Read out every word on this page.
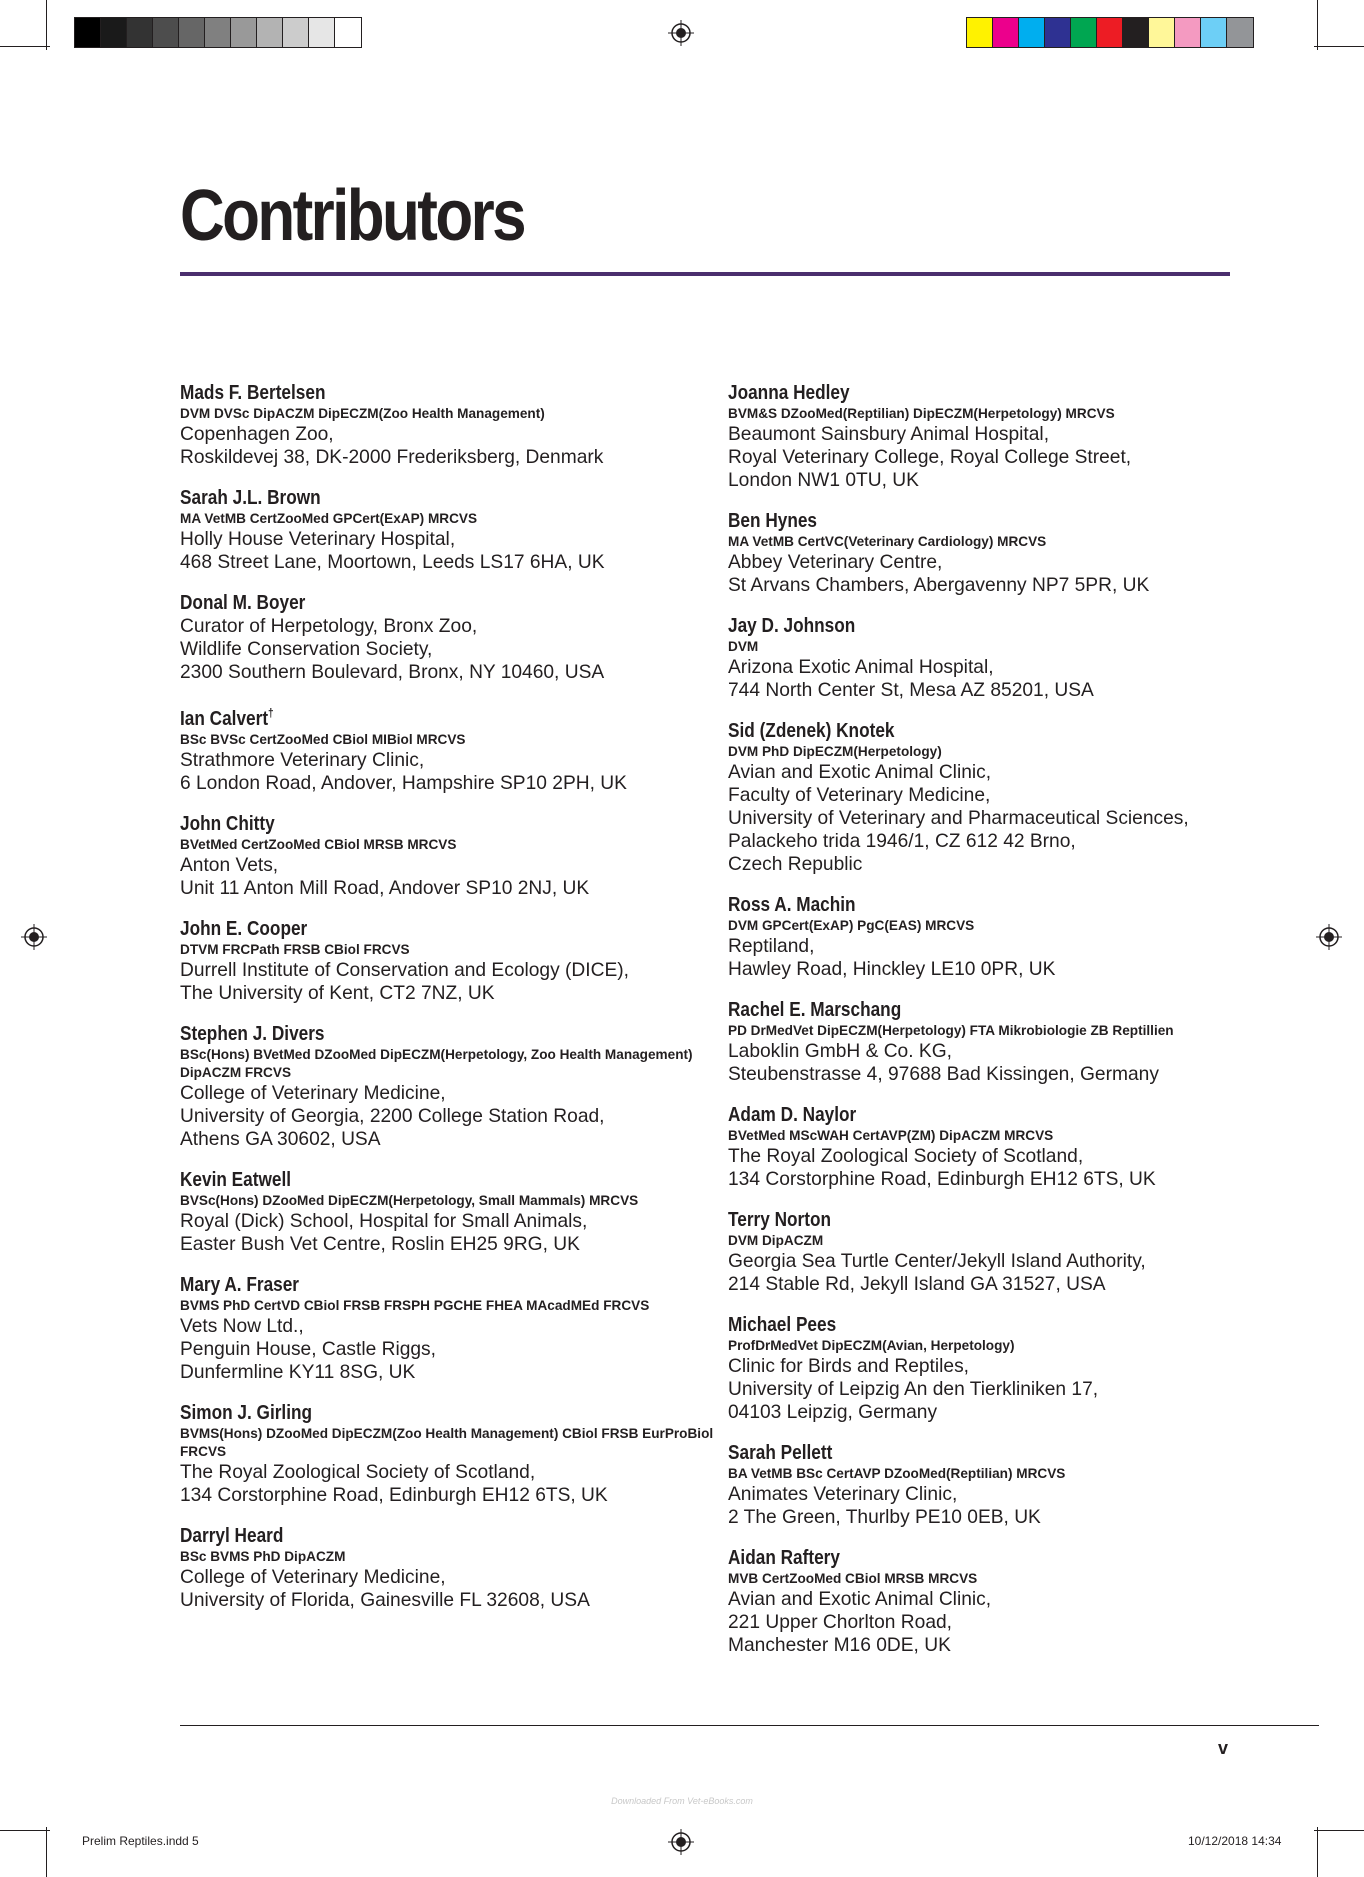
Contributors
Mads F. Bertelsen
DVM DVSc DipACZM DipECZM(Zoo Health Management)
Copenhagen Zoo,
Roskildevej 38, DK-2000 Frederiksberg, Denmark
Sarah J.L. Brown
MA VetMB CertZooMed GPCert(ExAP) MRCVS
Holly House Veterinary Hospital,
468 Street Lane, Moortown, Leeds LS17 6HA, UK
Donal M. Boyer
Curator of Herpetology, Bronx Zoo,
Wildlife Conservation Society,
2300 Southern Boulevard, Bronx, NY 10460, USA
Ian Calvert†
BSc BVSc CertZooMed CBiol MIBiol MRCVS
Strathmore Veterinary Clinic,
6 London Road, Andover, Hampshire SP10 2PH, UK
John Chitty
BVetMed CertZooMed CBiol MRSB MRCVS
Anton Vets,
Unit 11 Anton Mill Road, Andover SP10 2NJ, UK
John E. Cooper
DTVM FRCPath FRSB CBiol FRCVS
Durrell Institute of Conservation and Ecology (DICE),
The University of Kent, CT2 7NZ, UK
Stephen J. Divers
BSc(Hons) BVetMed DZooMed DipECZM(Herpetology, Zoo Health Management) DipACZM FRCVS
College of Veterinary Medicine,
University of Georgia, 2200 College Station Road,
Athens GA 30602, USA
Kevin Eatwell
BVSc(Hons) DZooMed DipECZM(Herpetology, Small Mammals) MRCVS
Royal (Dick) School, Hospital for Small Animals,
Easter Bush Vet Centre, Roslin EH25 9RG, UK
Mary A. Fraser
BVMS PhD CertVD CBiol FRSB FRSPH PGCHE FHEA MAcadMEd FRCVS
Vets Now Ltd.,
Penguin House, Castle Riggs,
Dunfermline KY11 8SG, UK
Simon J. Girling
BVMS(Hons) DZooMed DipECZM(Zoo Health Management) CBiol FRSB EurProBiol FRCVS
The Royal Zoological Society of Scotland,
134 Corstorphine Road, Edinburgh EH12 6TS, UK
Darryl Heard
BSc BVMS PhD DipACZM
College of Veterinary Medicine,
University of Florida, Gainesville FL 32608, USA
Joanna Hedley
BVM&S DZooMed(Reptilian) DipECZM(Herpetology) MRCVS
Beaumont Sainsbury Animal Hospital,
Royal Veterinary College, Royal College Street,
London NW1 0TU, UK
Ben Hynes
MA VetMB CertVC(Veterinary Cardiology) MRCVS
Abbey Veterinary Centre,
St Arvans Chambers, Abergavenny NP7 5PR, UK
Jay D. Johnson
DVM
Arizona Exotic Animal Hospital,
744 North Center St, Mesa AZ 85201, USA
Sid (Zdenek) Knotek
DVM PhD DipECZM(Herpetology)
Avian and Exotic Animal Clinic,
Faculty of Veterinary Medicine,
University of Veterinary and Pharmaceutical Sciences,
Palackeho trida 1946/1, CZ 612 42 Brno,
Czech Republic
Ross A. Machin
DVM GPCert(ExAP) PgC(EAS) MRCVS
Reptiland,
Hawley Road, Hinckley LE10 0PR, UK
Rachel E. Marschang
PD DrMedVet DipECZM(Herpetology) FTA Mikrobiologie ZB Reptillien
Laboklin GmbH & Co. KG,
Steubenstrasse 4, 97688 Bad Kissingen, Germany
Adam D. Naylor
BVetMed MScWAH CertAVP(ZM) DipACZM MRCVS
The Royal Zoological Society of Scotland,
134 Corstorphine Road, Edinburgh EH12 6TS, UK
Terry Norton
DVM DipACZM
Georgia Sea Turtle Center/Jekyll Island Authority,
214 Stable Rd, Jekyll Island GA 31527, USA
Michael Pees
ProfDrMedVet DipECZM(Avian, Herpetology)
Clinic for Birds and Reptiles,
University of Leipzig An den Tierkliniken 17,
04103 Leipzig, Germany
Sarah Pellett
BA VetMB BSc CertAVP DZooMed(Reptilian) MRCVS
Animates Veterinary Clinic,
2 The Green, Thurlby PE10 0EB, UK
Aidan Raftery
MVB CertZooMed CBiol MRSB MRCVS
Avian and Exotic Animal Clinic,
221 Upper Chorlton Road,
Manchester M16 0DE, UK
v
Downloaded From Vet-eBooks.com
Prelim Reptiles.indd 5	10/12/2018 14:34
